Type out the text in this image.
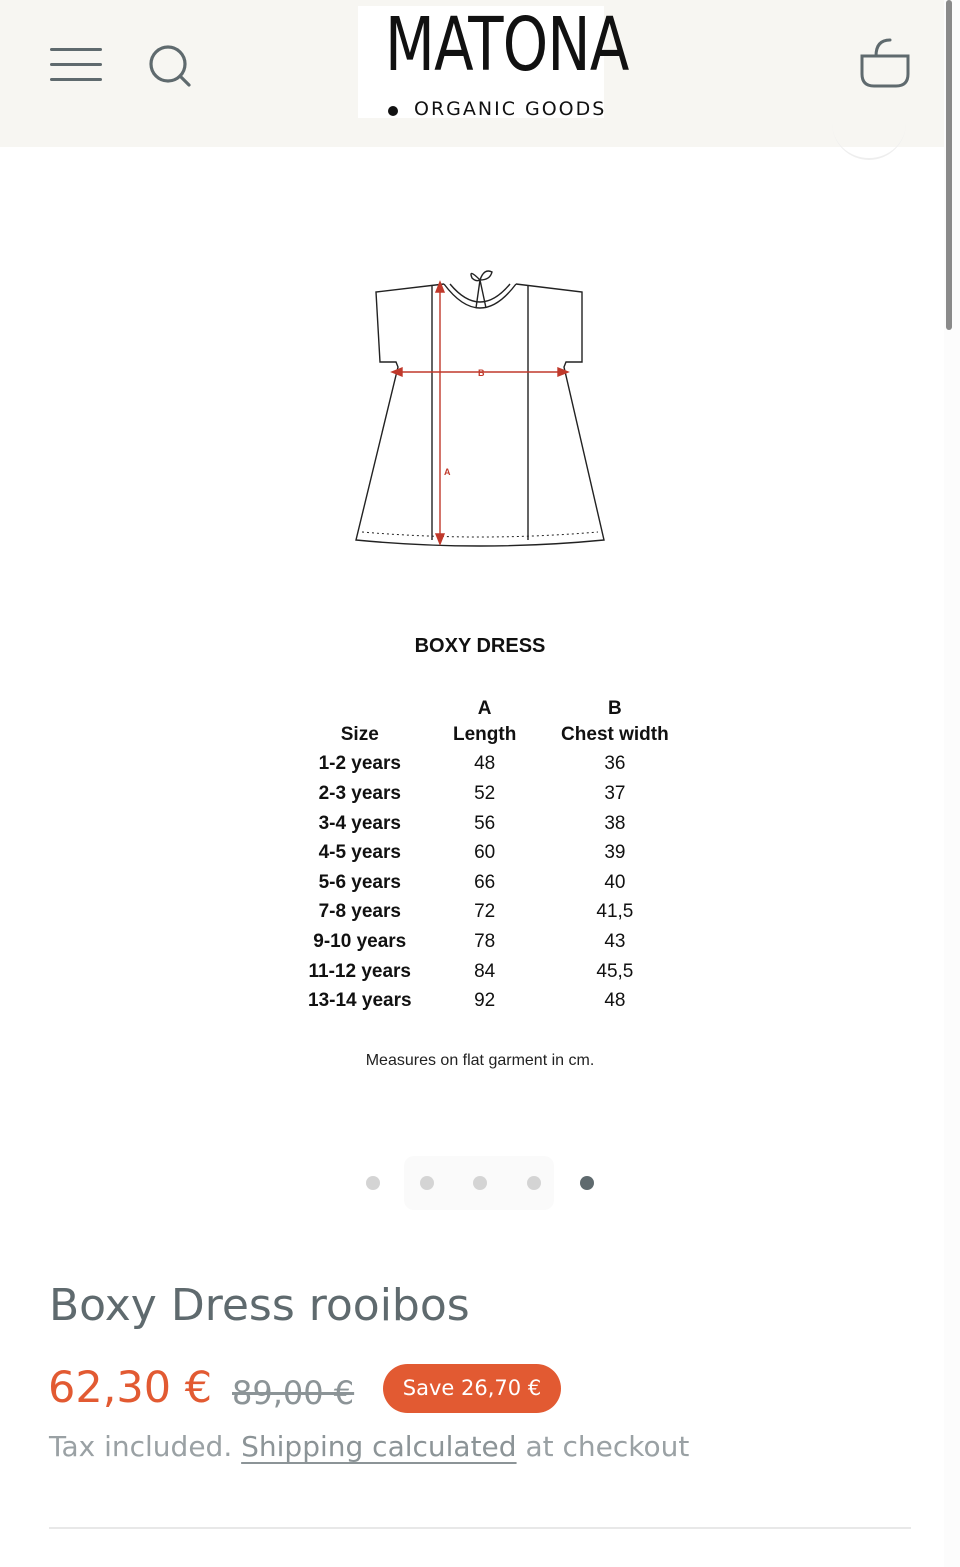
MATONA
ORGANIC GOODS
A
B
BOXY DRESS
	A	B
Size	Length	Chest width
1-2 years	48	36
2-3 years	52	37
3-4 years	56	38
4-5 years	60	39
5-6 years	66	40
7-8 years	72	41,5
9-10 years	78	43
11-12 years	84	45,5
13-14 years	92	48
Measures on flat garment in cm.
Boxy Dress rooibos
62,30 € 89,00 €	Save 26,70 €
Tax included. Shipping calculated at checkout
